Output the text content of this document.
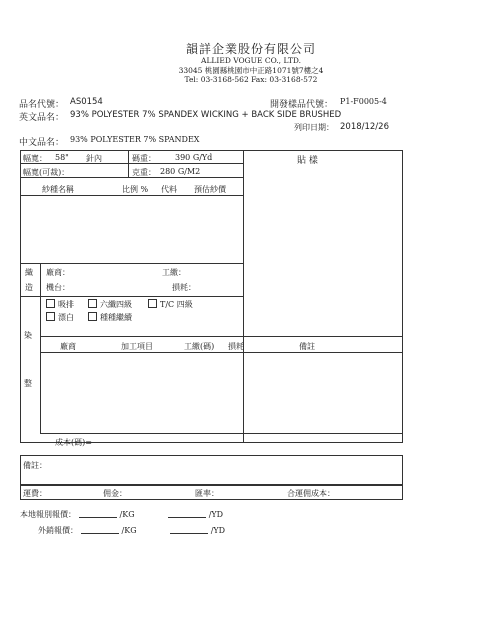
韻詳企業股份有限公司
ALLIED VOGUE CO., LTD.
33045 桃園縣桃園市中正路1071號7樓之4
Tel: 03-3168-562 Fax: 03-3168-572
品名代號： AS0154	開發樣品代號： P1-F0005-4
英文品名： 93% POLYESTER 7% SPANDEX WICKING + BACK SIDE BRUSHED
列印日期： 2018/12/26
中文品名： 93% POLYESTER 7% SPANDEX
幅寬： 58" 針內	碼重： 390 G/Yd	貼 樣
幅寬(可裁)：	克重： 280 G/M2
紗種名稱	比例 % 代料 預估紗價
織
造
廠商：	工繳：
機台：	損耗：
吸排	六纖四級	T/C 四級
漂白	種種繼續
染
整
廠商	加工項目	工繳(碼) 損耗	備註
成本(碼)=
備註：
運費：	佣金：	匯率：	合運佣成本：
本地報別報價：	/KG	/YD
外銷報價：	/KG	/YD
